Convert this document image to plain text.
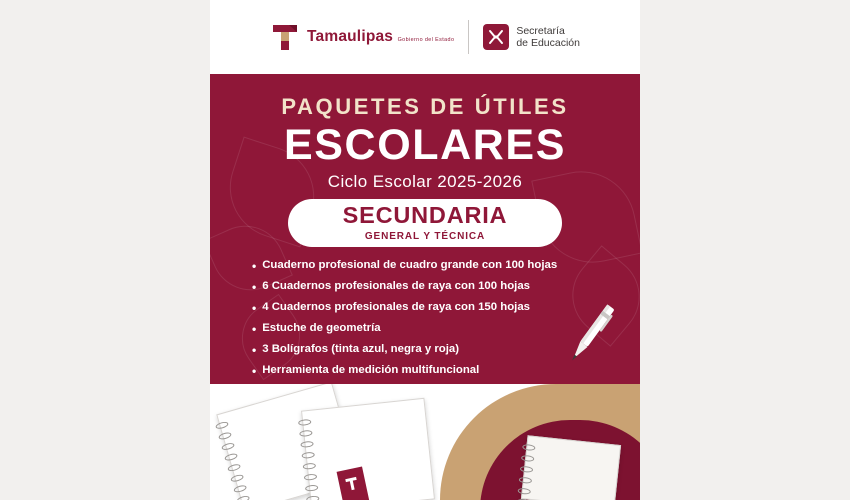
Tamaulipas Gobierno del Estado
Secretaría
de Educación
PAQUETES DE ÚTILES
ESCOLARES
Ciclo Escolar 2025-2026
SECUNDARIA
GENERAL Y TÉCNICA
• Cuaderno profesional de cuadro grande con 100 hojas
• 6 Cuadernos profesionales de raya con 100 hojas
• 4 Cuadernos profesionales de raya con 150 hojas
• Estuche de geometría
• 3 Bolígrafos (tinta azul, negra y roja)
• Herramienta de medición multifuncional
